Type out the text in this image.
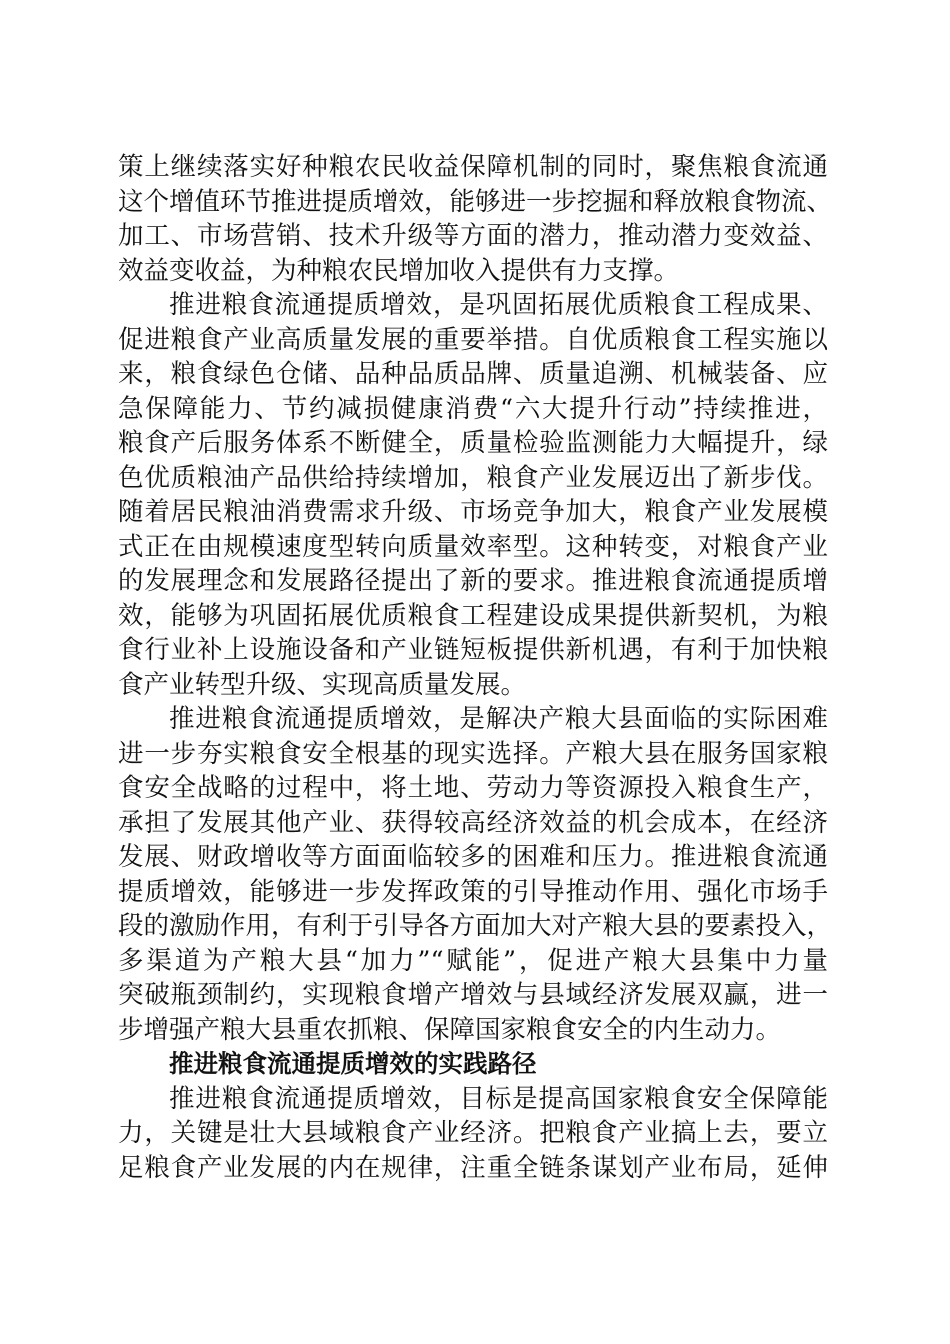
策上继续落实好种粮农民收益保障机制的同时，聚焦粮食流通
这个增值环节推进提质增效，能够进一步挖掘和释放粮食物流、
加工、市场营销、技术升级等方面的潜力，推动潜力变效益、
效益变收益，为种粮农民增加收入提供有力支撑。
推进粮食流通提质增效，是巩固拓展优质粮食工程成果、
促进粮食产业高质量发展的重要举措。自优质粮食工程实施以
来，粮食绿色仓储、品种品质品牌、质量追溯、机械装备、应
急保障能力、节约减损健康消费“六大提升行动”持续推进，
粮食产后服务体系不断健全，质量检验监测能力大幅提升，绿
色优质粮油产品供给持续增加，粮食产业发展迈出了新步伐。
随着居民粮油消费需求升级、市场竞争加大，粮食产业发展模
式正在由规模速度型转向质量效率型。这种转变，对粮食产业
的发展理念和发展路径提出了新的要求。推进粮食流通提质增
效，能够为巩固拓展优质粮食工程建设成果提供新契机，为粮
食行业补上设施设备和产业链短板提供新机遇，有利于加快粮
食产业转型升级、实现高质量发展。
推进粮食流通提质增效，是解决产粮大县面临的实际困难
进一步夯实粮食安全根基的现实选择。产粮大县在服务国家粮
食安全战略的过程中，将土地、劳动力等资源投入粮食生产，
承担了发展其他产业、获得较高经济效益的机会成本，在经济
发展、财政增收等方面面临较多的困难和压力。推进粮食流通
提质增效，能够进一步发挥政策的引导推动作用、强化市场手
段的激励作用，有利于引导各方面加大对产粮大县的要素投入，
多渠道为产粮大县“加力”“赋能”，促进产粮大县集中力量
突破瓶颈制约，实现粮食增产增效与县域经济发展双赢，进一
步增强产粮大县重农抓粮、保障国家粮食安全的内生动力。
推进粮食流通提质增效的实践路径
推进粮食流通提质增效，目标是提高国家粮食安全保障能
力，关键是壮大县域粮食产业经济。把粮食产业搞上去，要立
足粮食产业发展的内在规律，注重全链条谋划产业布局，延伸
